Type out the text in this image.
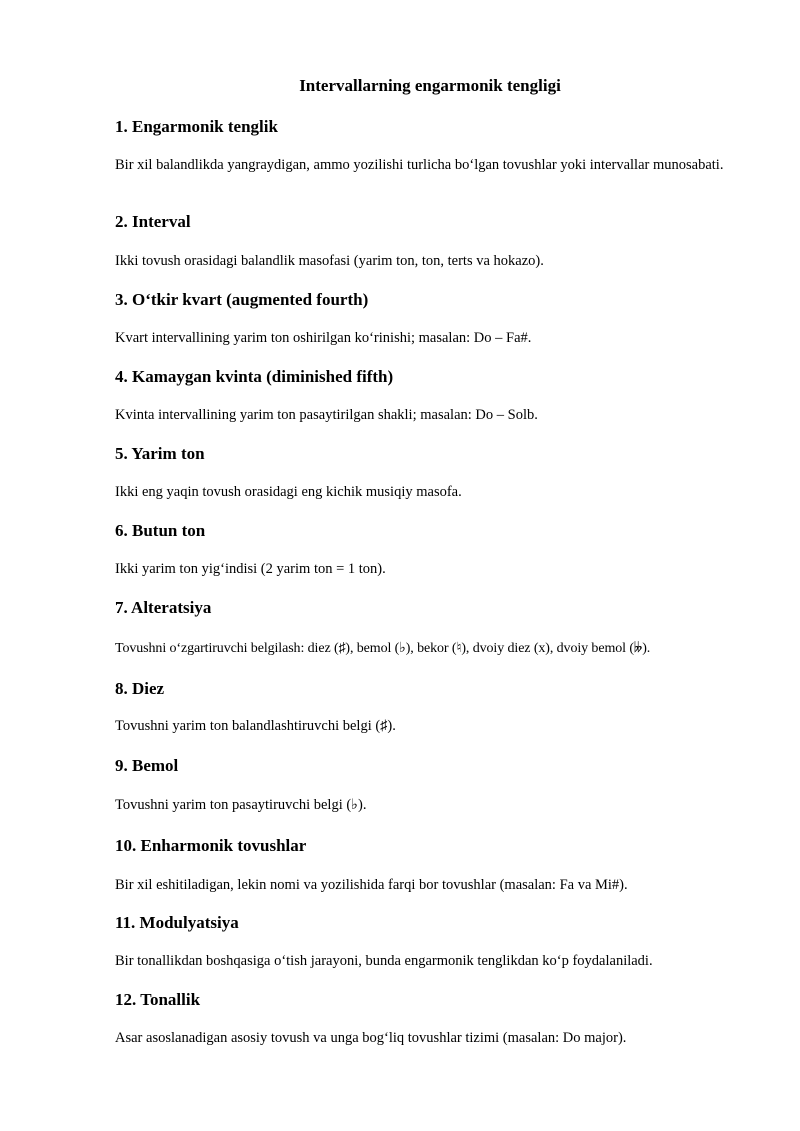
Intervallarning engarmonik tengligi
1. Engarmonik tenglik
Bir xil balandlikda yangraydigan, ammo yozilishi turlicha bo‘lgan tovushlar yoki intervallar munosabati.
2. Interval
Ikki tovush orasidagi balandlik masofasi (yarim ton, ton, terts va hokazo).
3. O‘tkir kvart (augmented fourth)
Kvart intervallining yarim ton oshirilgan ko‘rinishi; masalan: Do – Fa#.
4. Kamaygan kvinta (diminished fifth)
Kvinta intervallining yarim ton pasaytirilgan shakli; masalan: Do – Solb.
5. Yarim ton
Ikki eng yaqin tovush orasidagi eng kichik musiqiy masofa.
6. Butun ton
Ikki yarim ton yig‘indisi (2 yarim ton = 1 ton).
7. Alteratsiya
Tovushni o‘zgartiruvchi belgilash: diez (♯), bemol (♭), bekor (♮), dvoiy diez (x), dvoiy bemol (𝄫).
8. Diez
Tovushni yarim ton balandlashtiruvchi belgi (♯).
9. Bemol
Tovushni yarim ton pasaytiruvchi belgi (♭).
10. Enharmonik tovushlar
Bir xil eshitiladigan, lekin nomi va yozilishida farqi bor tovushlar (masalan: Fa va Mi#).
11. Modulyatsiya
Bir tonallikdan boshqasiga o‘tish jarayoni, bunda engarmonik tenglikdan ko‘p foydalaniladi.
12. Tonallik
Asar asoslanadigan asosiy tovush va unga bog‘liq tovushlar tizimi (masalan: Do major).
